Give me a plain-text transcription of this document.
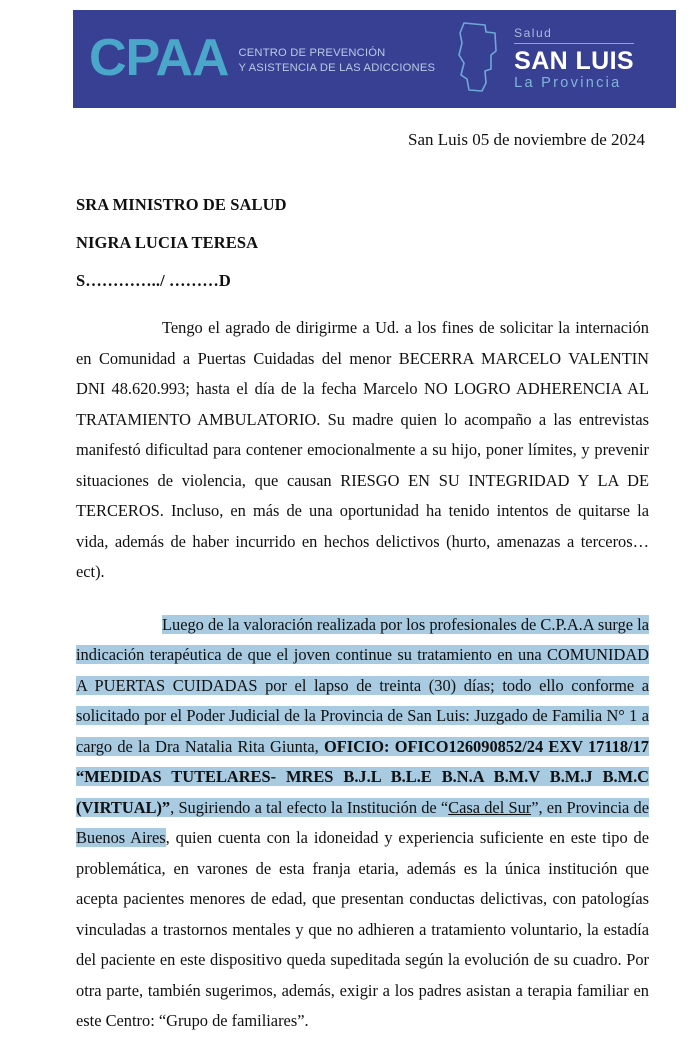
CPAA CENTRO DE PREVENCIÓN
Y ASISTENCIA DE LAS ADICCIONES
Salud
SAN LUIS
La Provincia
San Luis 05 de noviembre de 2024
SRA MINISTRO DE SALUD
NIGRA LUCIA TERESA
S…………../ ………D

Tengo el agrado de dirigirme a Ud. a los fines de solicitar la internación en Comunidad a Puertas Cuidadas del menor BECERRA MARCELO VALENTIN DNI 48.620.993; hasta el día de la fecha Marcelo NO LOGRO ADHERENCIA AL TRATAMIENTO AMBULATORIO. Su madre quien lo acompaño a las entrevistas manifestó dificultad para contener emocionalmente a su hijo, poner límites, y prevenir situaciones de violencia, que causan RIESGO EN SU INTEGRIDAD Y LA DE TERCEROS. Incluso, en más de una oportunidad ha tenido intentos de quitarse la vida, además de haber incurrido en hechos delictivos (hurto, amenazas a terceros…ect).

Luego de la valoración realizada por los profesionales de C.P.A.A surge la indicación terapéutica de que el joven continue su tratamiento en una COMUNIDAD A PUERTAS CUIDADAS por el lapso de treinta (30) días; todo ello conforme a solicitado por el Poder Judicial de la Provincia de San Luis: Juzgado de Familia N° 1 a cargo de la Dra Natalia Rita Giunta, OFICIO: OFICO126090852/24 EXV 17118/17 “MEDIDAS TUTELARES- MRES B.J.L B.L.E B.N.A B.M.V B.M.J B.M.C (VIRTUAL)”, Sugiriendo a tal efecto la Institución de “Casa del Sur”, en Provincia de Buenos Aires, quien cuenta con la idoneidad y experiencia suficiente en este tipo de problemática, en varones de esta franja etaria, además es la única institución que acepta pacientes menores de edad, que presentan conductas delictivas, con patologías vinculadas a trastornos mentales y que no adhieren a tratamiento voluntario, la estadía del paciente en este dispositivo queda supeditada según la evolución de su cuadro. Por otra parte, también sugerimos, además, exigir a los padres asistan a terapia familiar en este Centro: “Grupo de familiares”.
